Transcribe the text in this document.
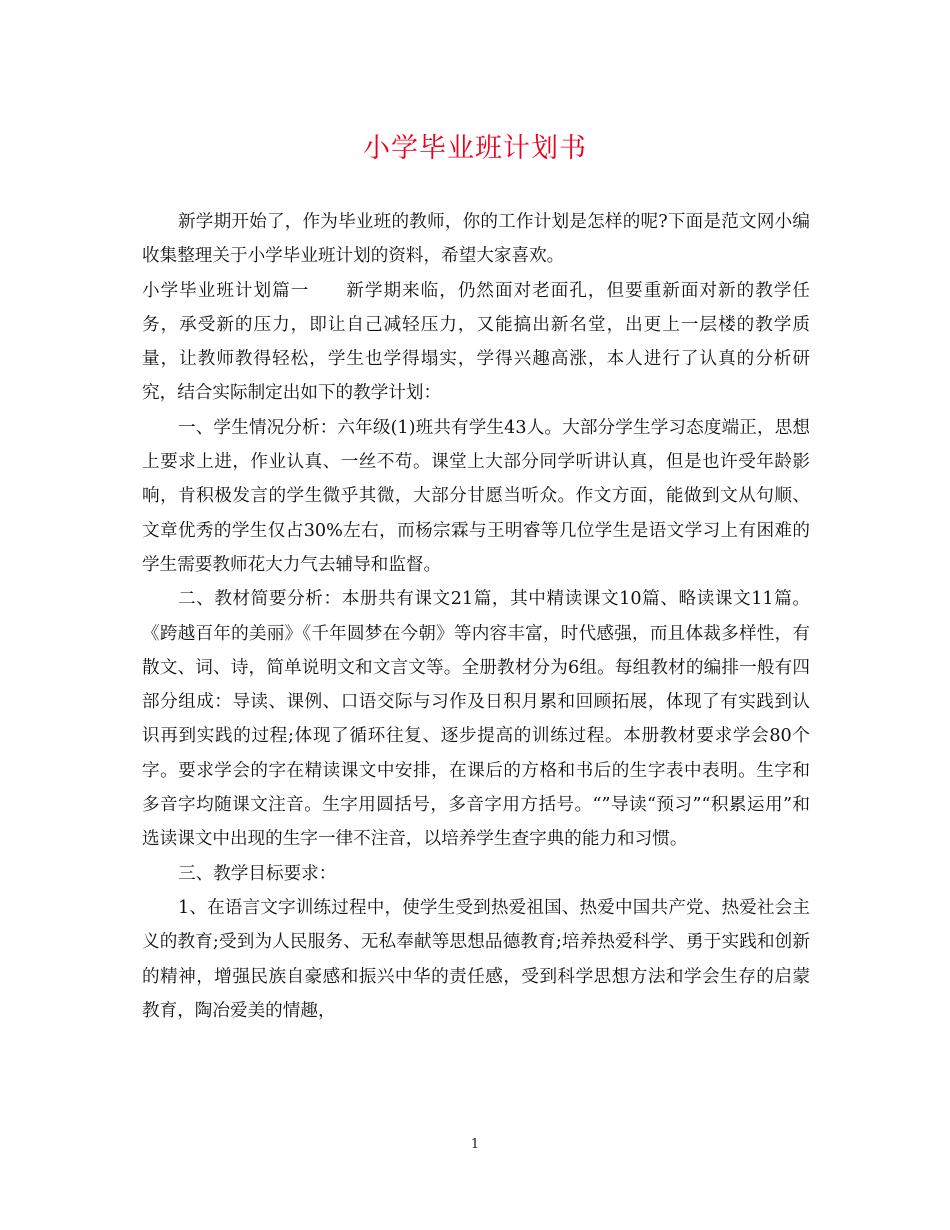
小学毕业班计划书

新学期开始了，作为毕业班的教师，你的工作计划是怎样的呢?下面是范文网小编收集整理关于小学毕业班计划的资料，希望大家喜欢。

小学毕业班计划篇一 新学期来临，仍然面对老面孔，但要重新面对新的教学任务，承受新的压力，即让自己减轻压力，又能搞出新名堂，出更上一层楼的教学质量，让教师教得轻松，学生也学得塌实，学得兴趣高涨，本人进行了认真的分析研究，结合实际制定出如下的教学计划：

一、学生情况分析：六年级(1)班共有学生43人。大部分学生学习态度端正，思想上要求上进，作业认真、一丝不苟。课堂上大部分同学听讲认真，但是也许受年龄影响，肯积极发言的学生微乎其微，大部分甘愿当听众。作文方面，能做到文从句顺、文章优秀的学生仅占30%左右，而杨宗霖与王明睿等几位学生是语文学习上有困难的学生需要教师花大力气去辅导和监督。

二、教材简要分析：本册共有课文21篇，其中精读课文10篇、略读课文11篇。《跨越百年的美丽》《千年圆梦在今朝》等内容丰富，时代感强，而且体裁多样性，有散文、词、诗，简单说明文和文言文等。全册教材分为6组。每组教材的编排一般有四部分组成：导读、课例、口语交际与习作及日积月累和回顾拓展，体现了有实践到认识再到实践的过程;体现了循环往复、逐步提高的训练过程。本册教材要求学会80个字。要求学会的字在精读课文中安排，在课后的方格和书后的生字表中表明。生字和多音字均随课文注音。生字用圆括号，多音字用方括号。“”导读“预习”“积累运用”和选读课文中出现的生字一律不注音，以培养学生查字典的能力和习惯。

三、教学目标要求：

1、在语言文字训练过程中，使学生受到热爱祖国、热爱中国共产党、热爱社会主义的教育;受到为人民服务、无私奉献等思想品德教育;培养热爱科学、勇于实践和创新的精神，增强民族自豪感和振兴中华的责任感，受到科学思想方法和学会生存的启蒙教育，陶冶爱美的情趣，

1
